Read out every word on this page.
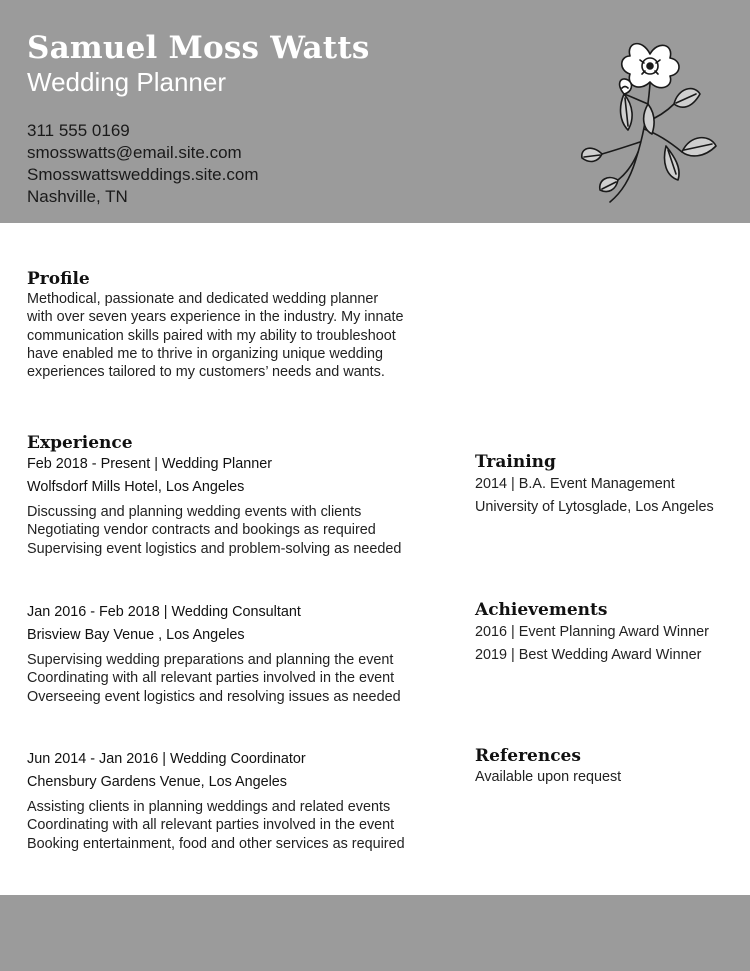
Samuel Moss Watts
Wedding Planner
311 555 0169
smosswatts@email.site.com
Smosswattsweddings.site.com
Nashville, TN
Profile
Methodical, passionate and dedicated wedding planner
with over seven years experience in the industry. My innate
communication skills paired with my ability to troubleshoot
have enabled me to thrive in organizing unique wedding
experiences tailored to my customers’ needs and wants.
Experience
Feb 2018 - Present | Wedding Planner
Wolfsdorf Mills Hotel, Los Angeles
Discussing and planning wedding events with clients
Negotiating vendor contracts and bookings as required
Supervising event logistics and problem-solving as needed
Jan 2016 - Feb 2018 | Wedding Consultant
Brisview Bay Venue , Los Angeles
Supervising wedding preparations and planning the event
Coordinating with all relevant parties involved in the event
Overseeing event logistics and resolving issues as needed
Jun 2014 - Jan 2016 | Wedding Coordinator
Chensbury Gardens Venue, Los Angeles
Assisting clients in planning weddings and related events
Coordinating with all relevant parties involved in the event
Booking entertainment, food and other services as required
Training
2014 | B.A. Event Management
University of Lytosglade, Los Angeles
Achievements
2016 | Event Planning Award Winner
2019 | Best Wedding Award Winner
References
Available upon request
